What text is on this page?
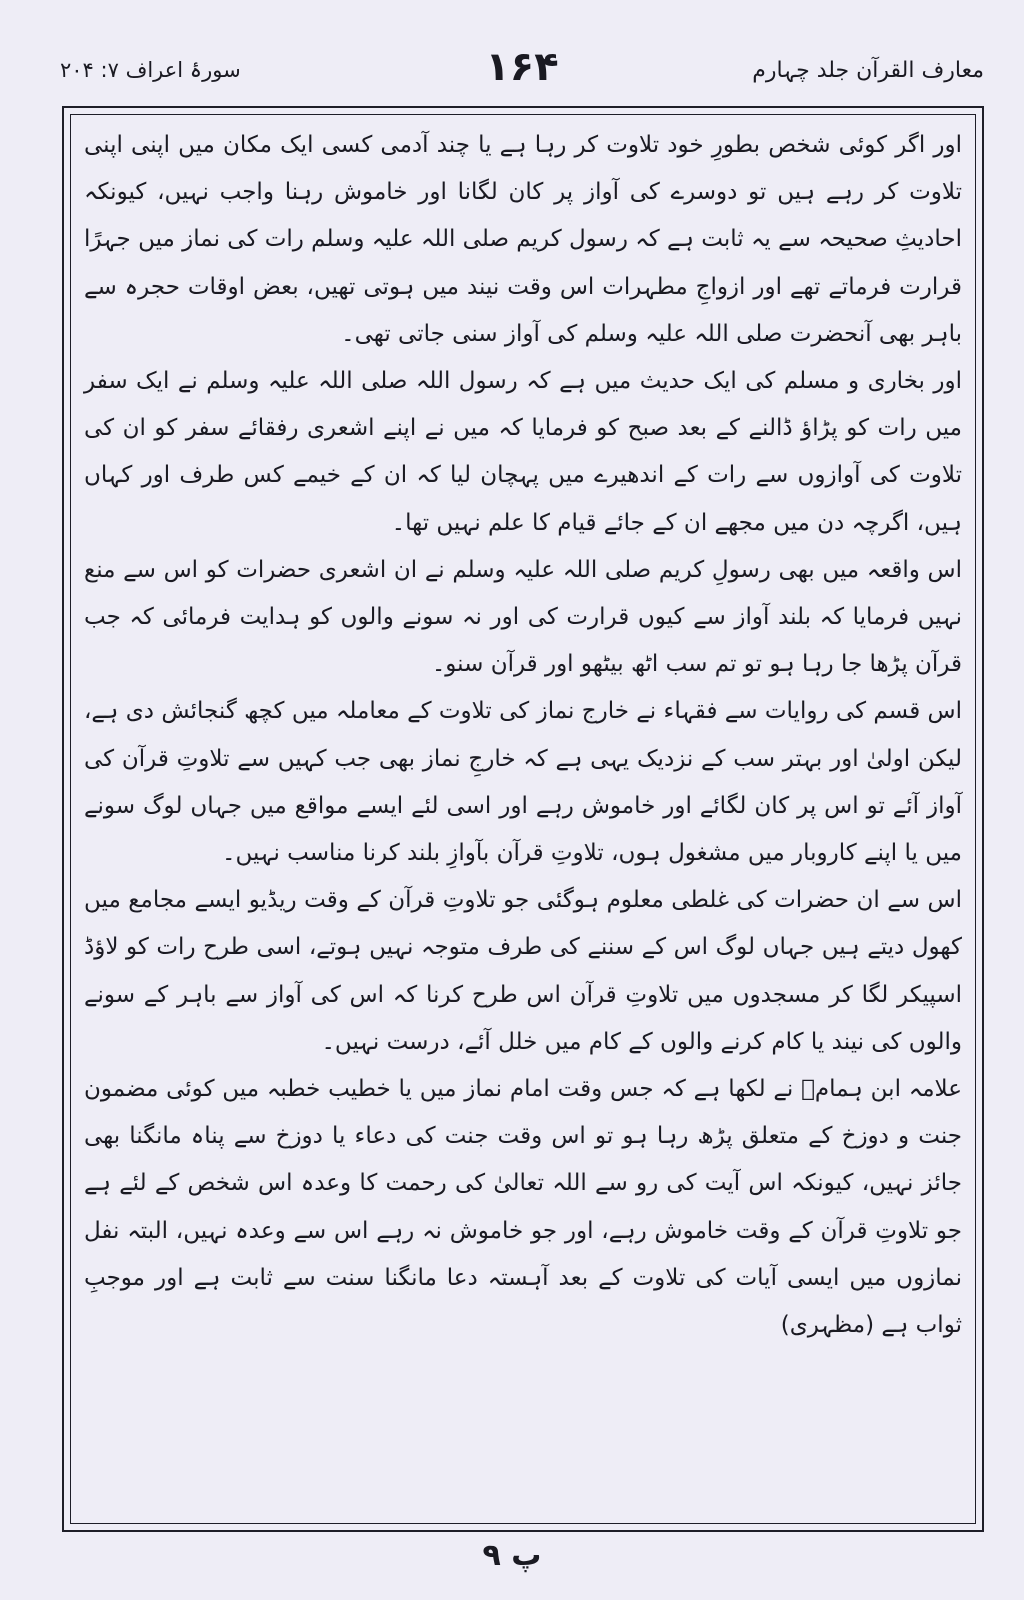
معارف القرآن جلد چہارم
۱۶۴
سورۂ اعراف ۷: ۲۰۴

اور اگر کوئی شخص بطورِ خود تلاوت کر رہا ہے یا چند آدمی کسی ایک مکان میں اپنی اپنی تلاوت کر رہے ہیں تو دوسرے کی آواز پر کان لگانا اور خاموش رہنا واجب نہیں، کیونکہ احادیثِ صحیحہ سے یہ ثابت ہے کہ رسول کریم صلی اللہ علیہ وسلم رات کی نماز میں جہرًا قرارت فرماتے تھے اور ازواجِ مطہرات اس وقت نیند میں ہوتی تھیں، بعض اوقات حجرہ سے باہر بھی آنحضرت صلی اللہ علیہ وسلم کی آواز سنی جاتی تھی۔

اور بخاری و مسلم کی ایک حدیث میں ہے کہ رسول اللہ صلی اللہ علیہ وسلم نے ایک سفر میں رات کو پڑاؤ ڈالنے کے بعد صبح کو فرمایا کہ میں نے اپنے اشعری رفقائے سفر کو ان کی تلاوت کی آوازوں سے رات کے اندھیرے میں پہچان لیا کہ ان کے خیمے کس طرف اور کہاں ہیں، اگرچہ دن میں مجھے ان کے جائے قیام کا علم نہیں تھا۔

اس واقعہ میں بھی رسولِ کریم صلی اللہ علیہ وسلم نے ان اشعری حضرات کو اس سے منع نہیں فرمایا کہ بلند آواز سے کیوں قرارت کی اور نہ سونے والوں کو ہدایت فرمائی کہ جب قرآن پڑھا جا رہا ہو تو تم سب اٹھ بیٹھو اور قرآن سنو۔

اس قسم کی روایات سے فقہاء نے خارج نماز کی تلاوت کے معاملہ میں کچھ گنجائش دی ہے، لیکن اولیٰ اور بہتر سب کے نزدیک یہی ہے کہ خارجِ نماز بھی جب کہیں سے تلاوتِ قرآن کی آواز آئے تو اس پر کان لگائے اور خاموش رہے اور اسی لئے ایسے مواقع میں جہاں لوگ سونے میں یا اپنے کاروبار میں مشغول ہوں، تلاوتِ قرآن بآوازِ بلند کرنا مناسب نہیں۔

اس سے ان حضرات کی غلطی معلوم ہوگئی جو تلاوتِ قرآن کے وقت ریڈیو ایسے مجامع میں کھول دیتے ہیں جہاں لوگ اس کے سننے کی طرف متوجہ نہیں ہوتے، اسی طرح رات کو لاؤڈ اسپیکر لگا کر مسجدوں میں تلاوتِ قرآن اس طرح کرنا کہ اس کی آواز سے باہر کے سونے والوں کی نیند یا کام کرنے والوں کے کام میں خلل آئے، درست نہیں۔

علامہ ابن ہمامؒ نے لکھا ہے کہ جس وقت امام نماز میں یا خطیب خطبہ میں کوئی مضمون جنت و دوزخ کے متعلق پڑھ رہا ہو تو اس وقت جنت کی دعاء یا دوزخ سے پناہ مانگنا بھی جائز نہیں، کیونکہ اس آیت کی رو سے اللہ تعالیٰ کی رحمت کا وعدہ اس شخص کے لئے ہے جو تلاوتِ قرآن کے وقت خاموش رہے، اور جو خاموش نہ رہے اس سے وعدہ نہیں، البتہ نفل نمازوں میں ایسی آیات کی تلاوت کے بعد آہستہ دعا مانگنا سنت سے ثابت ہے اور موجبِ ثواب ہے (مظہری)

۹ پ
